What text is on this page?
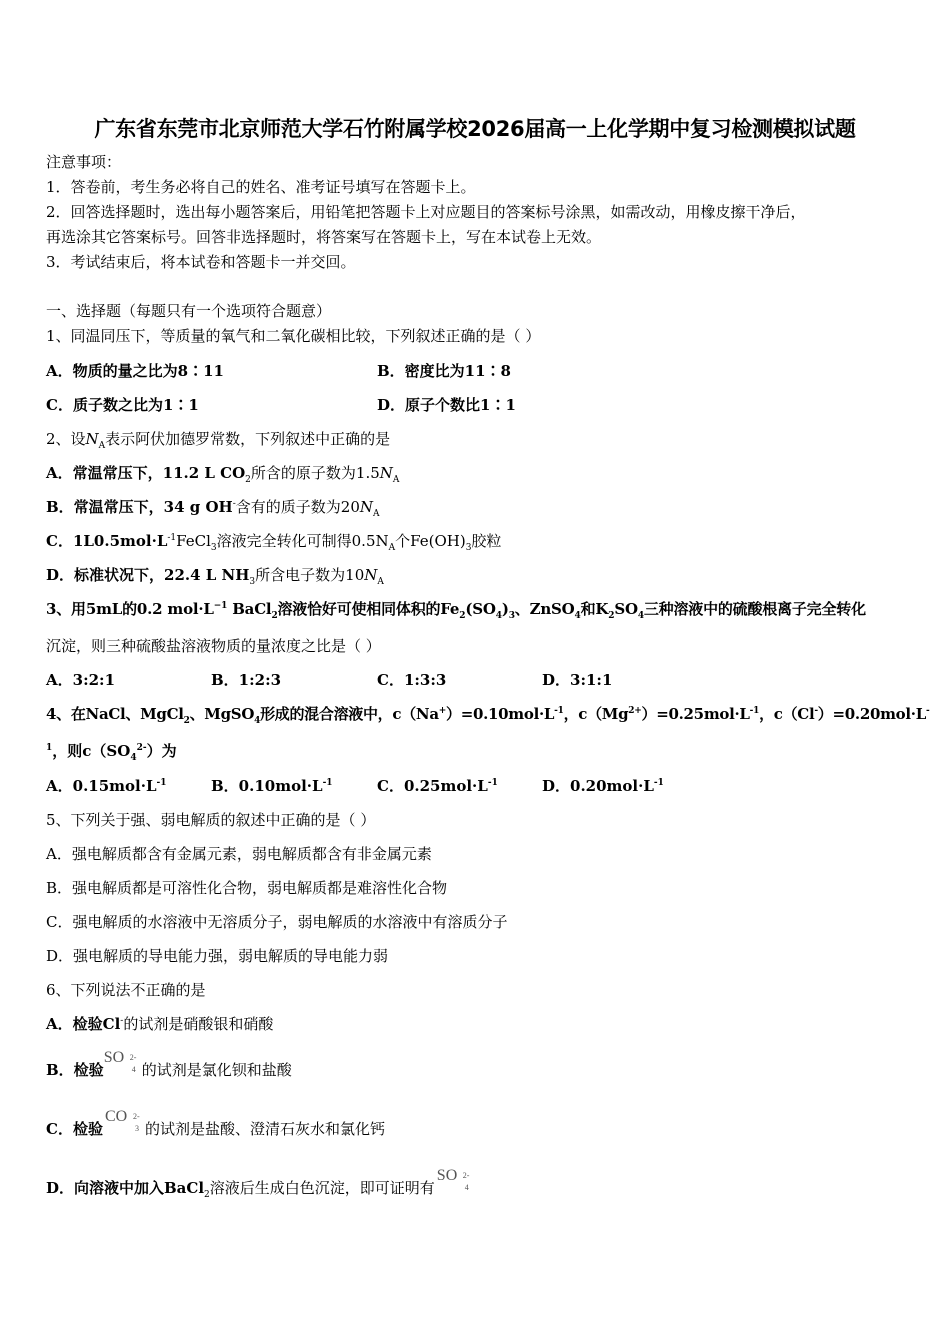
广东省东莞市北京师范大学石竹附属学校2026届高一上化学期中复习检测模拟试题
注意事项：
1．答卷前，考生务必将自己的姓名、准考证号填写在答题卡上。
2．回答选择题时，选出每小题答案后，用铅笔把答题卡上对应题目的答案标号涂黑，如需改动，用橡皮擦干净后，
再选涂其它答案标号。回答非选择题时，将答案写在答题卡上，写在本试卷上无效。
3．考试结束后，将本试卷和答题卡一并交回。
一、选择题（每题只有一个选项符合题意）
1、同温同压下，等质量的氧气和二氧化碳相比较，下列叙述正确的是（ ）
A．物质的量之比为8∶11	B．密度比为11∶8
C．质子数之比为1∶1	D．原子个数比1∶1
2、设$N_A$表示阿伏加德罗常数，下列叙述中正确的是
A．常温常压下，11.2 L $CO_2$所含的原子数为$1.5N_A$
B．常温常压下，34 g OH-含有的质子数为$20N_A$
C．$1L0.5mol\cdot L^{-1}FeCl_3$溶液完全转化可制得$0.5N_A$个$Fe(OH)_3$胶粒
D．标准状况下，22.4 L $NH_3$所含电子数为$10N_A$
3、用5mL的0.2 $mol\cdot L^{-1}$ BaCl$_2$溶液恰好可使相同体积的$Fe_2(SO_4)_3$、ZnSO$_4$和$K_2SO_4$三种溶液中的硫酸根离子完全转化
沉淀，则三种硫酸盐溶液物质的量浓度之比是（ ）
A．3:2:1	B．1:2:3	C．1:3:3	D．3:1:1
4、在NaCl、MgCl$_2$、MgSO$_4$形成的混合溶液中，$c(Na^+)=0.10mol\cdot L^{-1}$，$c(Mg^{2+})=0.25mol\cdot L^{-1}$，c（Cl-）=0.20mol·L-
$^1$，则$c(SO_4^{2-})$为
A．$0.15mol\cdot L^{-1}$	B．$0.10mol\cdot L^{-1}$	C．$0.25mol\cdot L^{-1}$	D．$0.20mol\cdot L^{-1}$
5、下列关于强、弱电解质的叙述中正确的是（ ）
A．强电解质都含有金属元素，弱电解质都含有非金属元素
B．强电解质都是可溶性化合物，弱电解质都是难溶性化合物
C．强电解质的水溶液中无溶质分子，弱电解质的水溶液中有溶质分子
D．强电解质的导电能力强，弱电解质的导电能力弱
6、下列说法不正确的是
A．检验Cl-的试剂是硝酸银和硝酸
B．检验
SO 2-
4 的试剂是氯化钡和盐酸
C．检验
CO 2-
3 的试剂是盐酸、澄清石灰水和氯化钙
D．向溶液中加入BaCl$_2$溶液后生成白色沉淀，即可证明有
SO 2-
4
